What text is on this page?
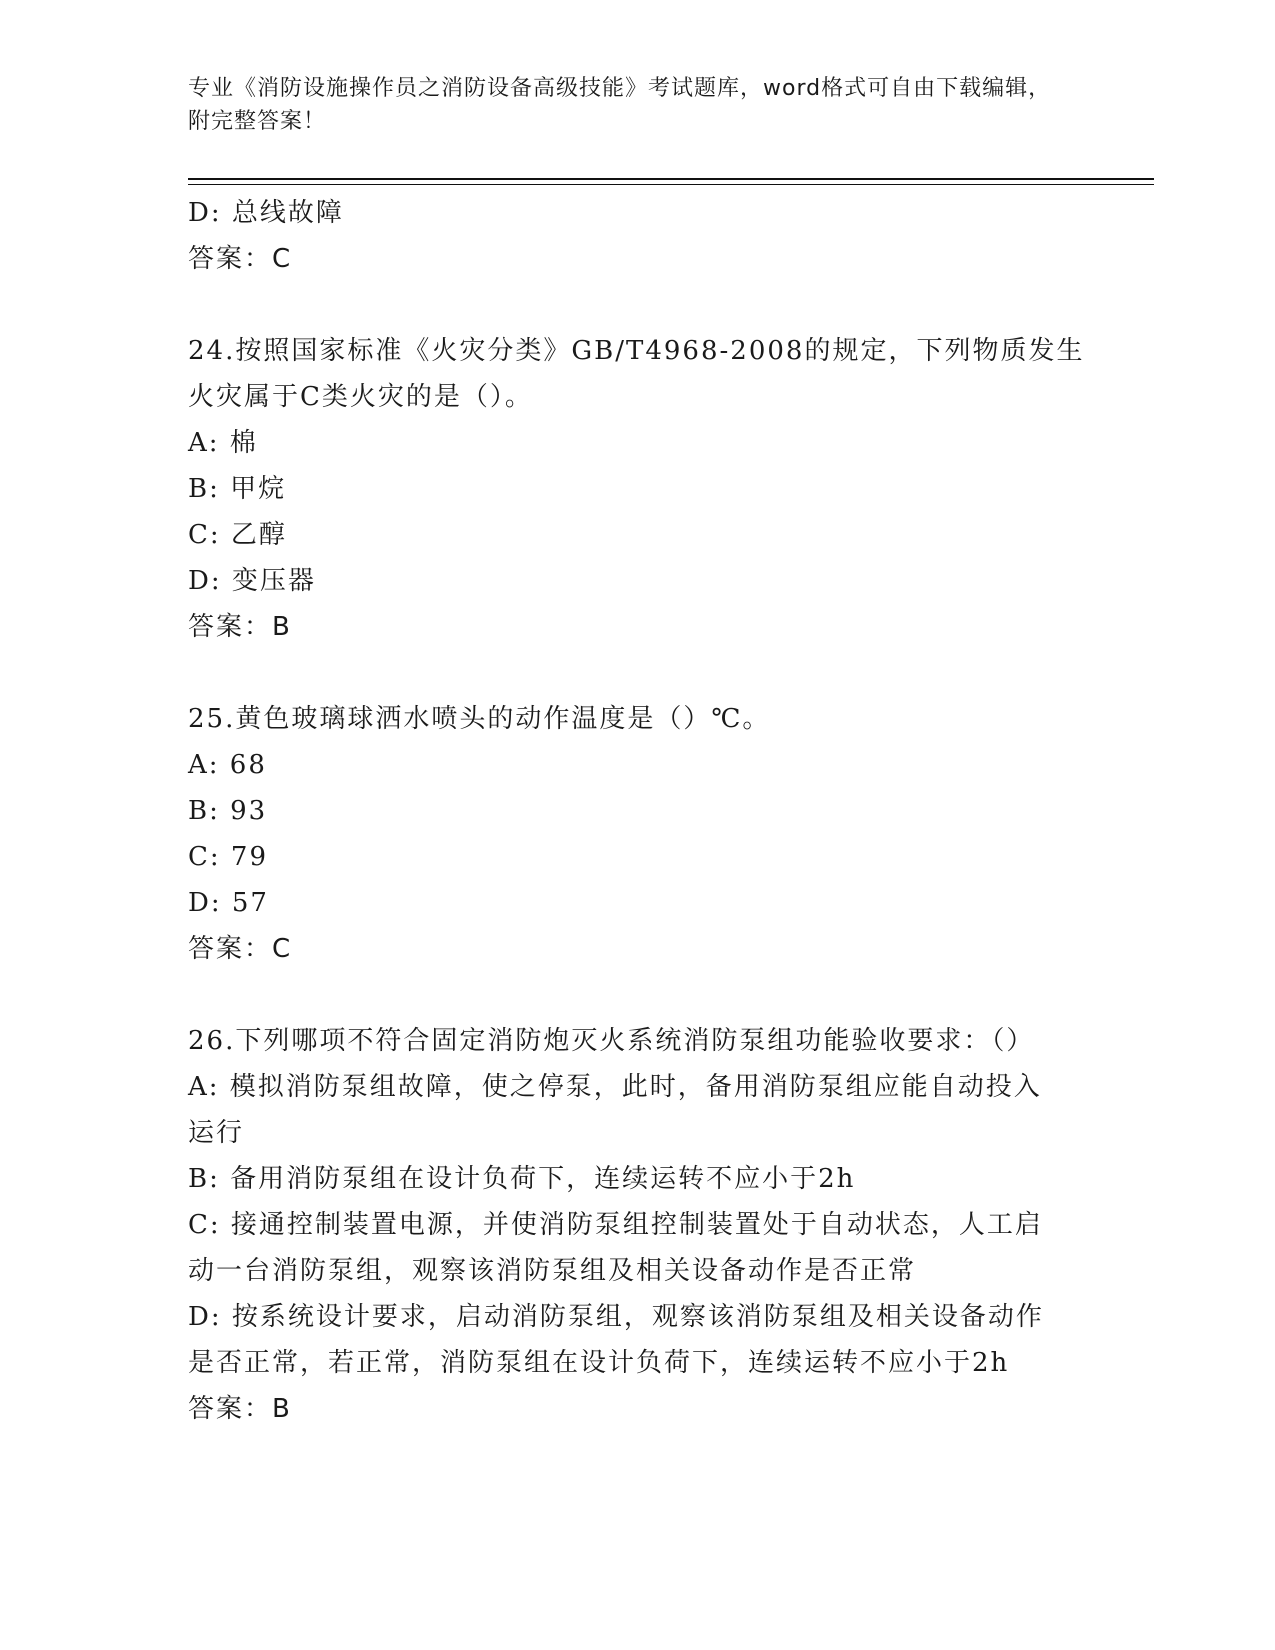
专业《消防设施操作员之消防设备高级技能》考试题库，word格式可自由下载编辑，附完整答案！

D: 总线故障

答案：C

24.按照国家标准《火灾分类》GB/T4968-2008的规定，下列物质发生

火灾属于C类火灾的是（）。

A: 棉

B: 甲烷

C: 乙醇

D: 变压器

答案：B

25.黄色玻璃球洒水喷头的动作温度是（）℃。

A: 68

B: 93

C: 79

D: 57

答案：C

26.下列哪项不符合固定消防炮灭火系统消防泵组功能验收要求：（）

A: 模拟消防泵组故障，使之停泵，此时，备用消防泵组应能自动投入

运行

B: 备用消防泵组在设计负荷下，连续运转不应小于2h

C: 接通控制装置电源，并使消防泵组控制装置处于自动状态，人工启

动一台消防泵组，观察该消防泵组及相关设备动作是否正常

D: 按系统设计要求，启动消防泵组，观察该消防泵组及相关设备动作

是否正常，若正常，消防泵组在设计负荷下，连续运转不应小于2h

答案：B
